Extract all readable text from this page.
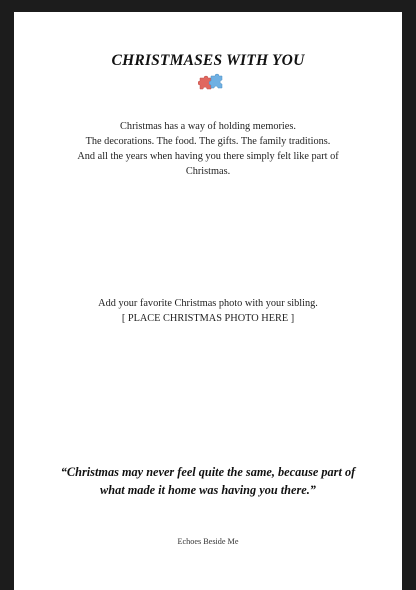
CHRISTMASES WITH YOU
Christmas has a way of holding memories.
The decorations. The food. The gifts. The family traditions.
And all the years when having you there simply felt like part of
Christmas.
Add your favorite Christmas photo with your sibling.
[ PLACE CHRISTMAS PHOTO HERE ]
“Christmas may never feel quite the same, because part of
what made it home was having you there.”
Echoes Beside Me
